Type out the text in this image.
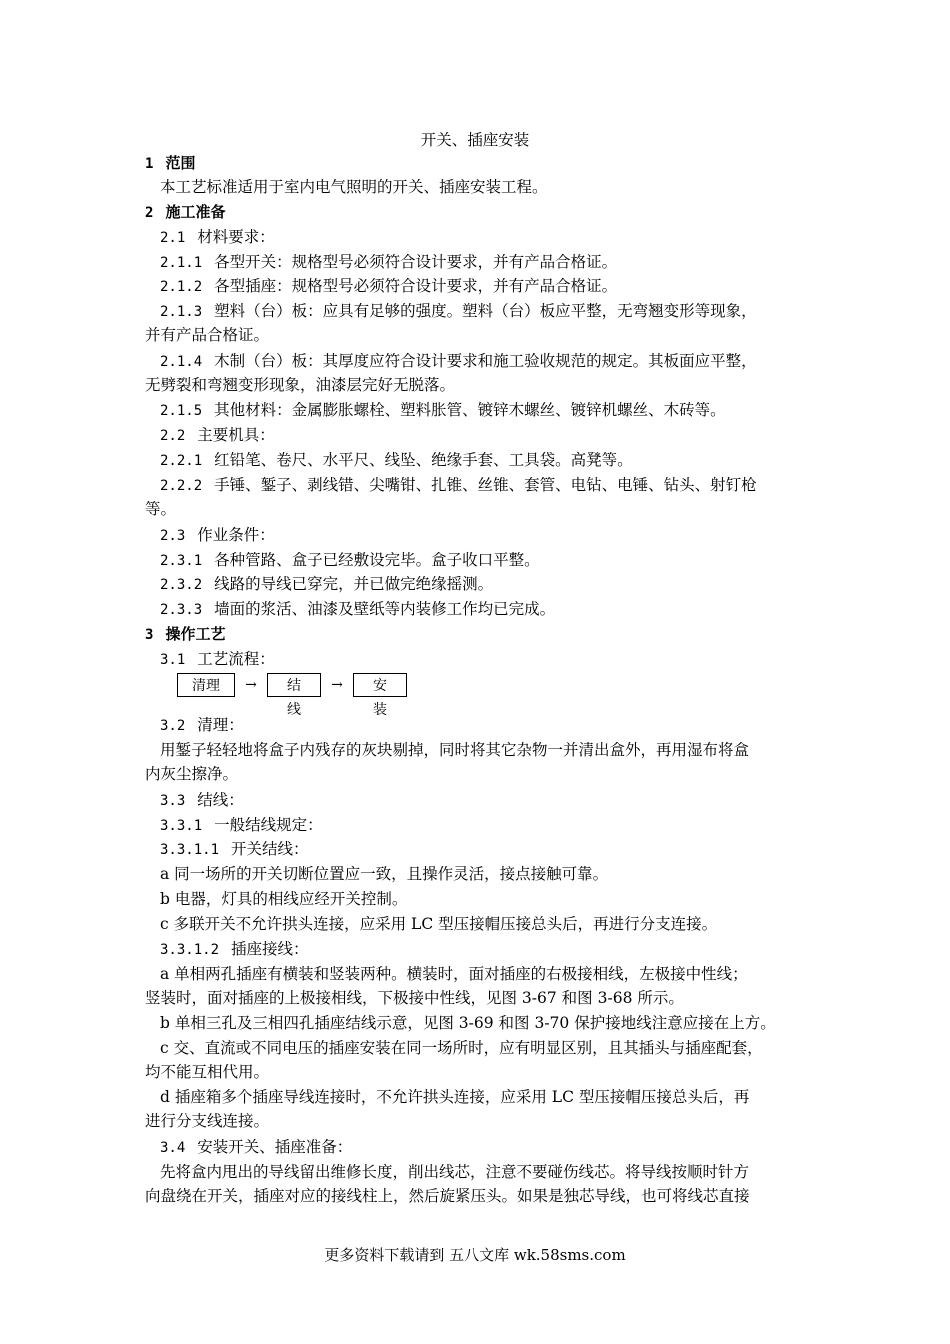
开关、插座安装
1 范围
本工艺标准适用于室内电气照明的开关、插座安装工程。
2 施工准备
2.1 材料要求：
2.1.1 各型开关：规格型号必须符合设计要求，并有产品合格证。
2.1.2 各型插座：规格型号必须符合设计要求，并有产品合格证。
2.1.3 塑料（台）板：应具有足够的强度。塑料（台）板应平整，无弯翘变形等现象，
并有产品合格证。
2.1.4 木制（台）板：其厚度应符合设计要求和施工验收规范的规定。其板面应平整，
无劈裂和弯翘变形现象，油漆层完好无脱落。
2.1.5 其他材料：金属膨胀螺栓、塑料胀管、镀锌木螺丝、镀锌机螺丝、木砖等。
2.2 主要机具：
2.2.1 红铅笔、卷尺、水平尺、线坠、绝缘手套、工具袋。高凳等。
2.2.2 手锤、錾子、剥线错、尖嘴钳、扎锥、丝锥、套管、电钻、电锤、钻头、射钉枪
等。
2.3 作业条件：
2.3.1 各种管路、盒子已经敷设完毕。盒子收口平整。
2.3.2 线路的导线已穿完，并已做完绝缘摇测。
2.3.3 墙面的浆活、油漆及壁纸等内装修工作均已完成。
3 操作工艺
3.1 工艺流程：
3.2 清理：
用錾子轻轻地将盒子内残存的灰块剔掉，同时将其它杂物一并清出盒外，再用湿布将盒
内灰尘擦净。
3.3 结线：
3.3.1 一般结线规定：
3.3.1.1 开关结线：
a 同一场所的开关切断位置应一致，且操作灵活，接点接触可靠。
b 电器，灯具的相线应经开关控制。
c 多联开关不允许拱头连接，应采用 LC 型压接帽压接总头后，再进行分支连接。
3.3.1.2 插座接线：
a 单相两孔插座有横装和竖装两种。横装时，面对插座的右极接相线，左极接中性线；
竖装时，面对插座的上极接相线，下极接中性线，见图 3-67 和图 3-68 所示。
b 单相三孔及三相四孔插座结线示意，见图 3-69 和图 3-70 保护接地线注意应接在上方。
c 交、直流或不同电压的插座安装在同一场所时，应有明显区别，且其插头与插座配套，
均不能互相代用。
d 插座箱多个插座导线连接时，不允许拱头连接，应采用 LC 型压接帽压接总头后，再
进行分支线连接。
3.4 安装开关、插座准备：
先将盒内甩出的导线留出维修长度，削出线芯，注意不要碰伤线芯。将导线按顺时针方
向盘绕在开关，插座对应的接线柱上，然后旋紧压头。如果是独芯导线，也可将线芯直接
清理	→	结线
→	安装
更多资料下载请到 五八文库 wk.58sms.com
